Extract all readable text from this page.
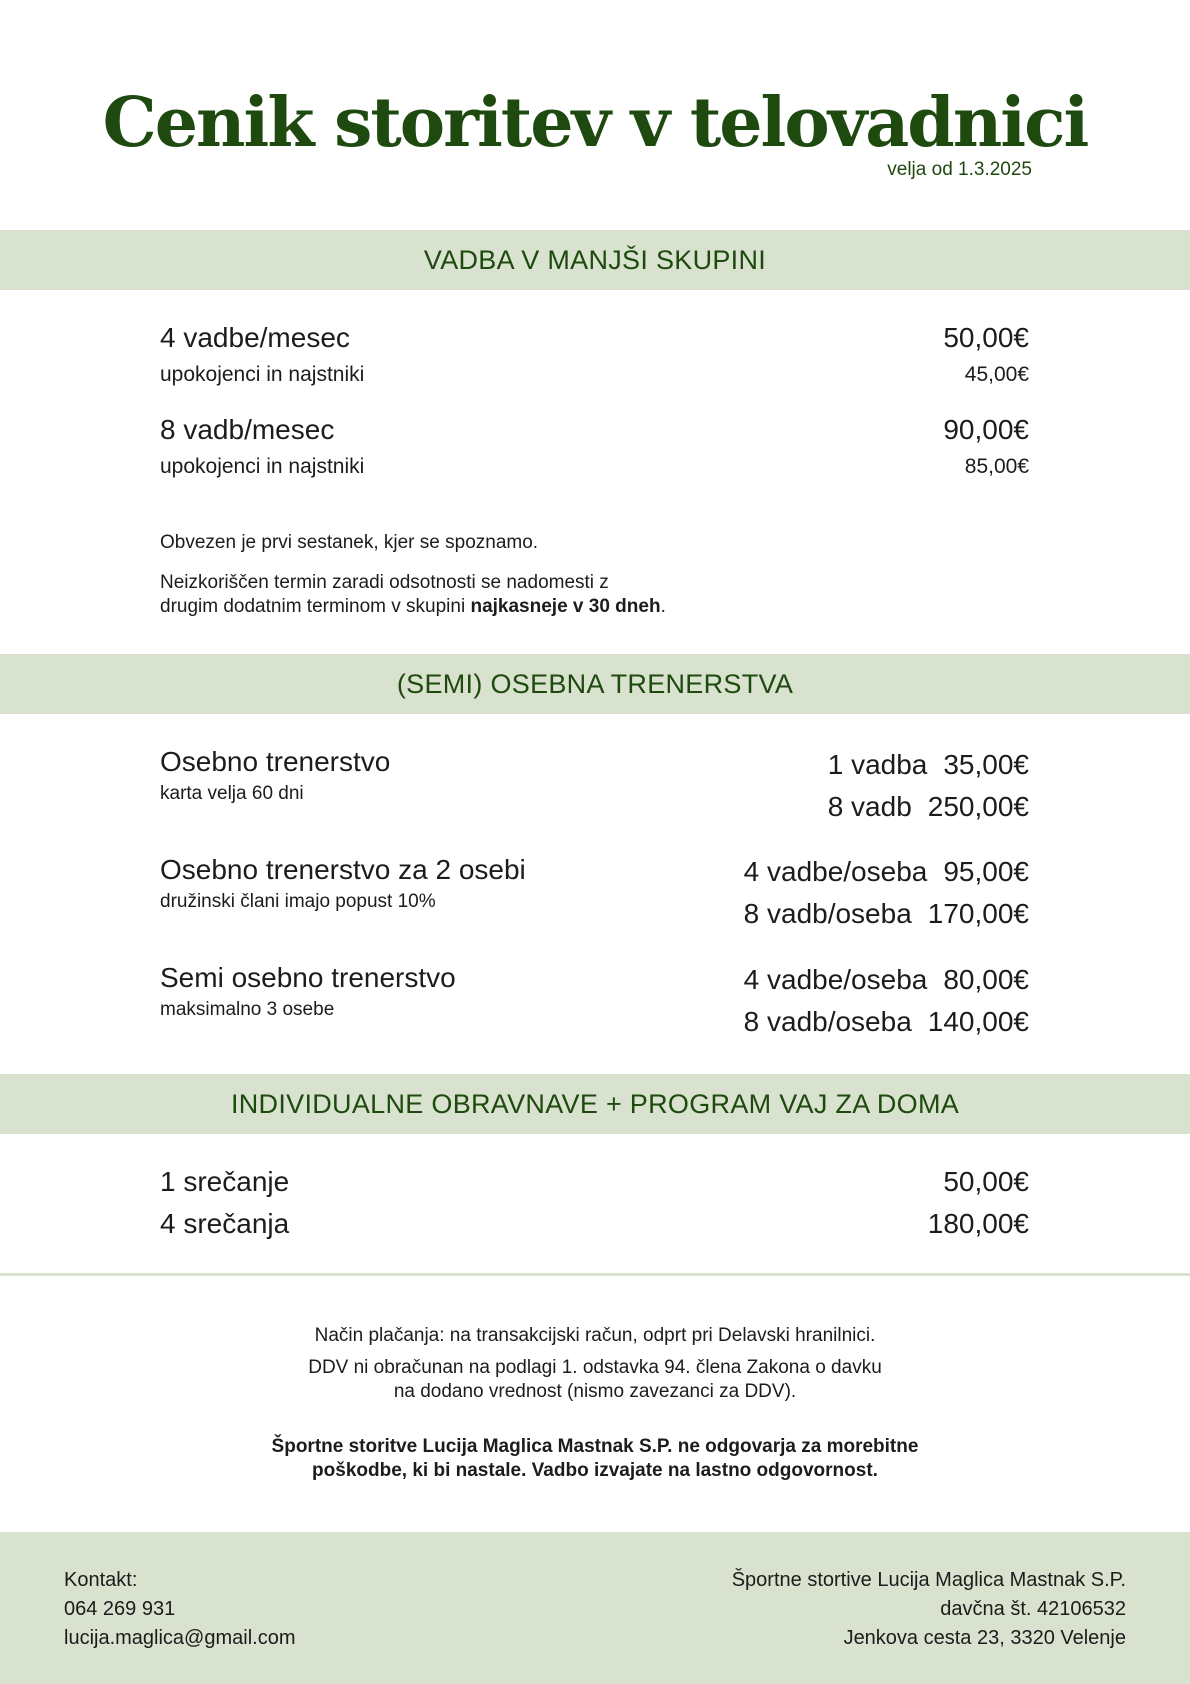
Cenik storitev v telovadnici
velja od 1.3.2025
VADBA V MANJŠI SKUPINI
4 vadbe/mesec	50,00€
upokojenci in najstniki	45,00€
8 vadb/mesec	90,00€
upokojenci in najstniki	85,00€
Obvezen je prvi sestanek, kjer se spoznamo.
Neizkoriščen termin zaradi odsotnosti se nadomesti z
drugim dodatnim terminom v skupini najkasneje v 30 dneh.
(SEMI) OSEBNA TRENERSTVA
Osebno trenerstvo
karta velja 60 dni
1 vadba 35,00€
8 vadb 250,00€
Osebno trenerstvo za 2 osebi
družinski člani imajo popust 10%
4 vadbe/oseba 95,00€
8 vadb/oseba 170,00€
Semi osebno trenerstvo
maksimalno 3 osebe
4 vadbe/oseba 80,00€
8 vadb/oseba 140,00€
INDIVIDUALNE OBRAVNAVE + PROGRAM VAJ ZA DOMA
1 srečanje	50,00€
4 srečanja	180,00€
Način plačanja: na transakcijski račun, odprt pri Delavski hranilnici.
DDV ni obračunan na podlagi 1. odstavka 94. člena Zakona o davku
na dodano vrednost (nismo zavezanci za DDV).
Športne storitve Lucija Maglica Mastnak S.P. ne odgovarja za morebitne
poškodbe, ki bi nastale. Vadbo izvajate na lastno odgovornost.
Kontakt:
064 269 931
lucija.maglica@gmail.com
Športne stortive Lucija Maglica Mastnak S.P.
davčna št. 42106532
Jenkova cesta 23, 3320 Velenje
